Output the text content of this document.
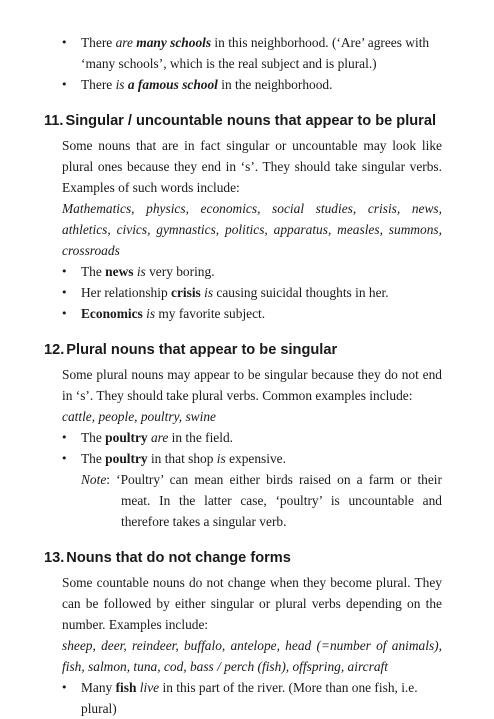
• There are many schools in this neighborhood. (‘Are’ agrees with ‘many schools’, which is the real subject and is plural.)
• There is a famous school in the neighborhood.
11. Singular / uncountable nouns that appear to be plural

Some nouns that are in fact singular or uncountable may look like plural ones because they end in ‘s’. They should take singular verbs. Examples of such words include:

Mathematics, physics, economics, social studies, crisis, news, athletics, civics, gymnastics, politics, apparatus, measles, summons, crossroads

• The news is very boring.
• Her relationship crisis is causing suicidal thoughts in her.
• Economics is my favorite subject.
12. Plural nouns that appear to be singular

Some plural nouns may appear to be singular because they do not end in ‘s’. They should take plural verbs. Common examples include:

cattle, people, poultry, swine

• The poultry are in the field.
• The poultry in that shop is expensive.
Note: ‘Poultry’ can mean either birds raised on a farm or their meat. In the latter case, ‘poultry’ is uncountable and therefore takes a singular verb.
13. Nouns that do not change forms

Some countable nouns do not change when they become plural. They can be followed by either singular or plural verbs depending on the number. Examples include:

sheep, deer, reindeer, buffalo, antelope, head (=number of animals), fish, salmon, tuna, cod, bass / perch (fish), offspring, aircraft

• Many fish live in this part of the river. (More than one fish, i.e. plural)
